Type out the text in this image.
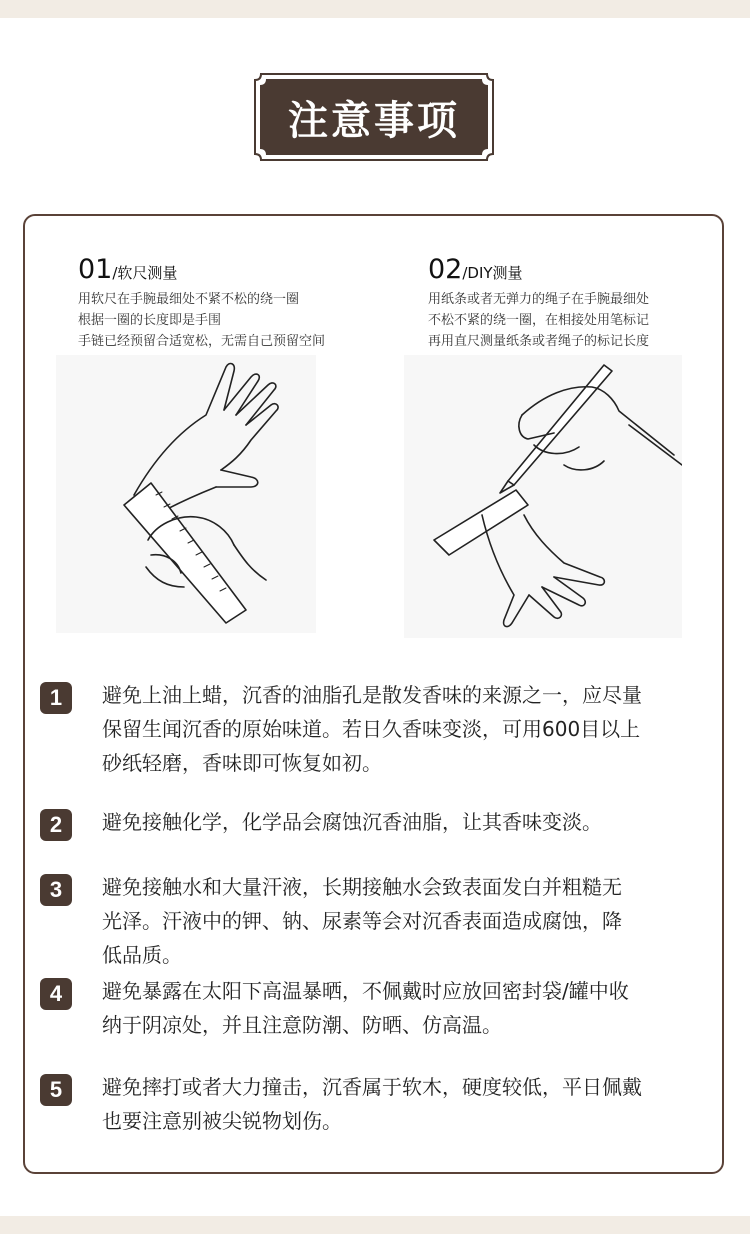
注意事项
01/软尺测量
用软尺在手腕最细处不紧不松的绕一圈
根据一圈的长度即是手围
手链已经预留合适宽松，无需自己预留空间
02/DIY测量
用纸条或者无弹力的绳子在手腕最细处
不松不紧的绕一圈，在相接处用笔标记
再用直尺测量纸条或者绳子的标记长度
1	避免上油上蜡，沉香的油脂孔是散发香味的来源之一，应尽量
保留生闻沉香的原始味道。若日久香味变淡，可用600目以上
砂纸轻磨，香味即可恢复如初。
2	避免接触化学，化学品会腐蚀沉香油脂，让其香味变淡。
3	避免接触水和大量汗液，长期接触水会致表面发白并粗糙无
光泽。汗液中的钾、钠、尿素等会对沉香表面造成腐蚀，降
低品质。
4	避免暴露在太阳下高温暴晒，不佩戴时应放回密封袋/罐中收
纳于阴凉处，并且注意防潮、防晒、仿高温。
5	避免摔打或者大力撞击，沉香属于软木，硬度较低，平日佩戴
也要注意别被尖锐物划伤。
